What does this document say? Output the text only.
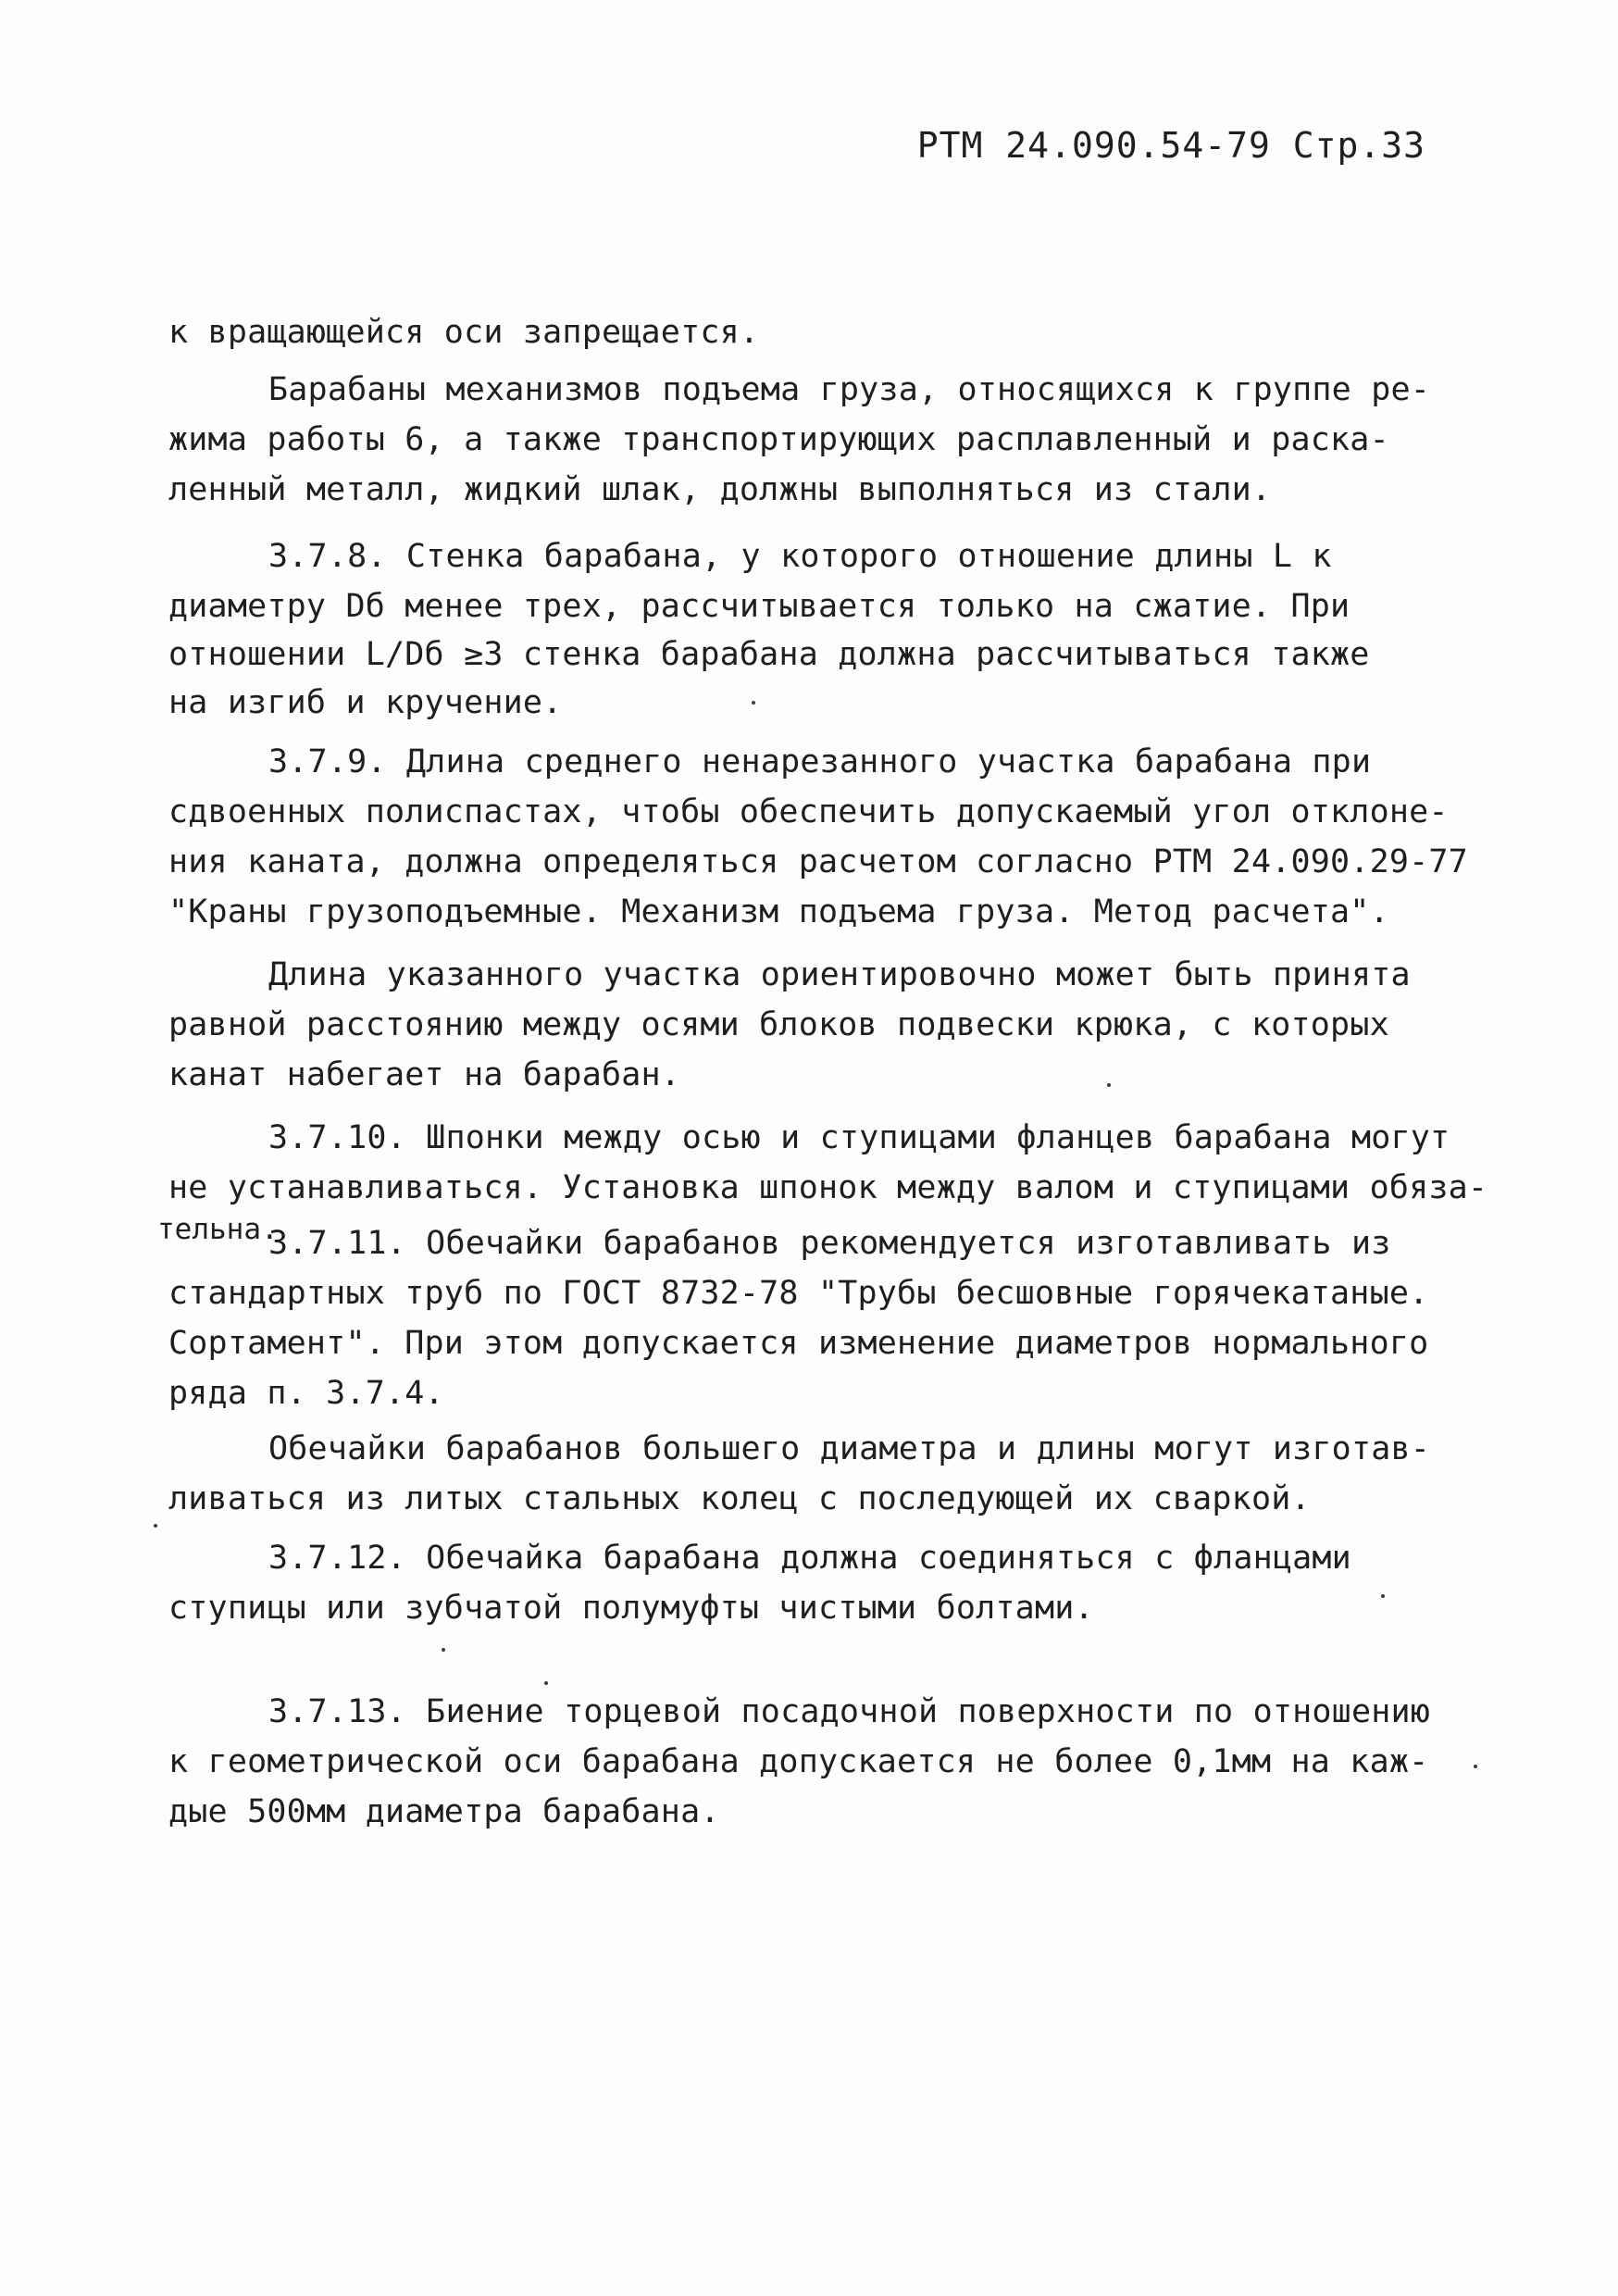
РТМ 24.090.54-79 Стр.33
к вращающейся оси запрещается.
Барабаны механизмов подъема груза, относящихся к группе ре-
жима работы 6, а также транспортирующих расплавленный и раска-
ленный металл, жидкий шлак, должны выполняться из стали.
3.7.8. Стенка барабана, у которого отношение длины L к
диаметру Dб менее трех, рассчитывается только на сжатие. При
отношении L/Dб ≥3 стенка барабана должна рассчитываться также
на изгиб и кручение.
3.7.9. Длина среднего ненарезанного участка барабана при
сдвоенных полиспастах, чтобы обеспечить допускаемый угол отклоне-
ния каната, должна определяться расчетом согласно РТМ 24.090.29-77
"Краны грузоподъемные. Механизм подъема груза. Метод расчета".
Длина указанного участка ориентировочно может быть принята
равной расстоянию между осями блоков подвески крюка, с которых
канат набегает на барабан.
3.7.10. Шпонки между осью и ступицами фланцев барабана могут
не устанавливаться. Установка шпонок между валом и ступицами обяза-
тельна.
3.7.11. Обечайки барабанов рекомендуется изготавливать из
стандартных труб по ГОСТ 8732-78 "Трубы бесшовные горячекатаные.
Сортамент". При этом допускается изменение диаметров нормального
ряда п. 3.7.4.
Обечайки барабанов большего диаметра и длины могут изготав-
ливаться из литых стальных колец с последующей их сваркой.
3.7.12. Обечайка барабана должна соединяться с фланцами
ступицы или зубчатой полумуфты чистыми болтами.
3.7.13. Биение торцевой посадочной поверхности по отношению
к геометрической оси барабана допускается не более 0,1мм на каж-
дые 500мм диаметра барабана.
